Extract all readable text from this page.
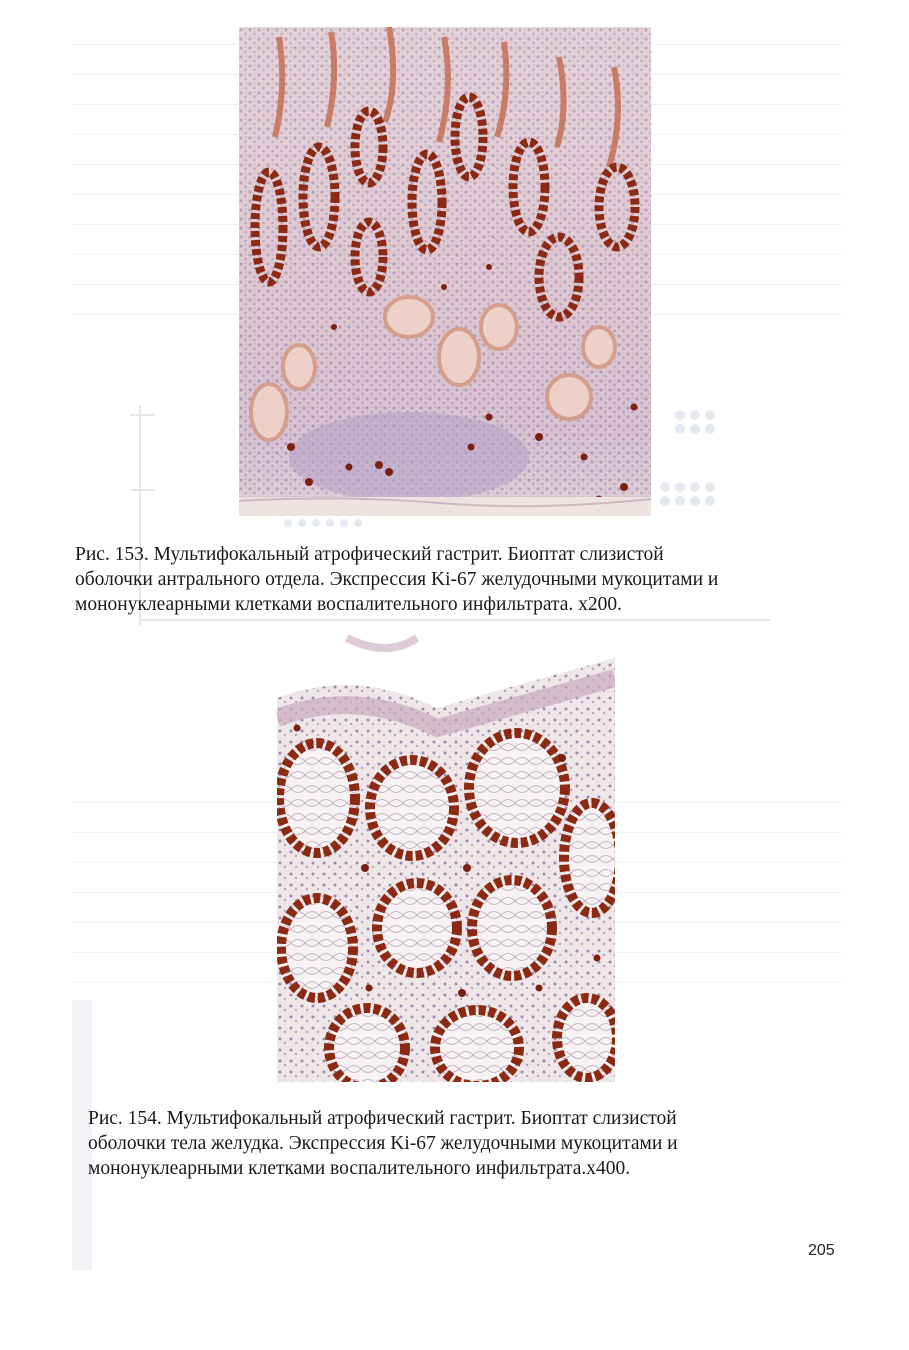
Рис. 153. Мультифокальный атрофический гастрит. Биоптат слизистой
оболочки антрального отдела. Экспрессия Ki-67 желудочными мукоцитами и
мононуклеарными клетками воспалительного инфильтрата. х200.
Рис. 154. Мультифокальный атрофический гастрит. Биоптат слизистой
оболочки тела желудка. Экспрессия Ki-67 желудочными мукоцитами и
мононуклеарными клетками воспалительного инфильтрата.х400.
205
